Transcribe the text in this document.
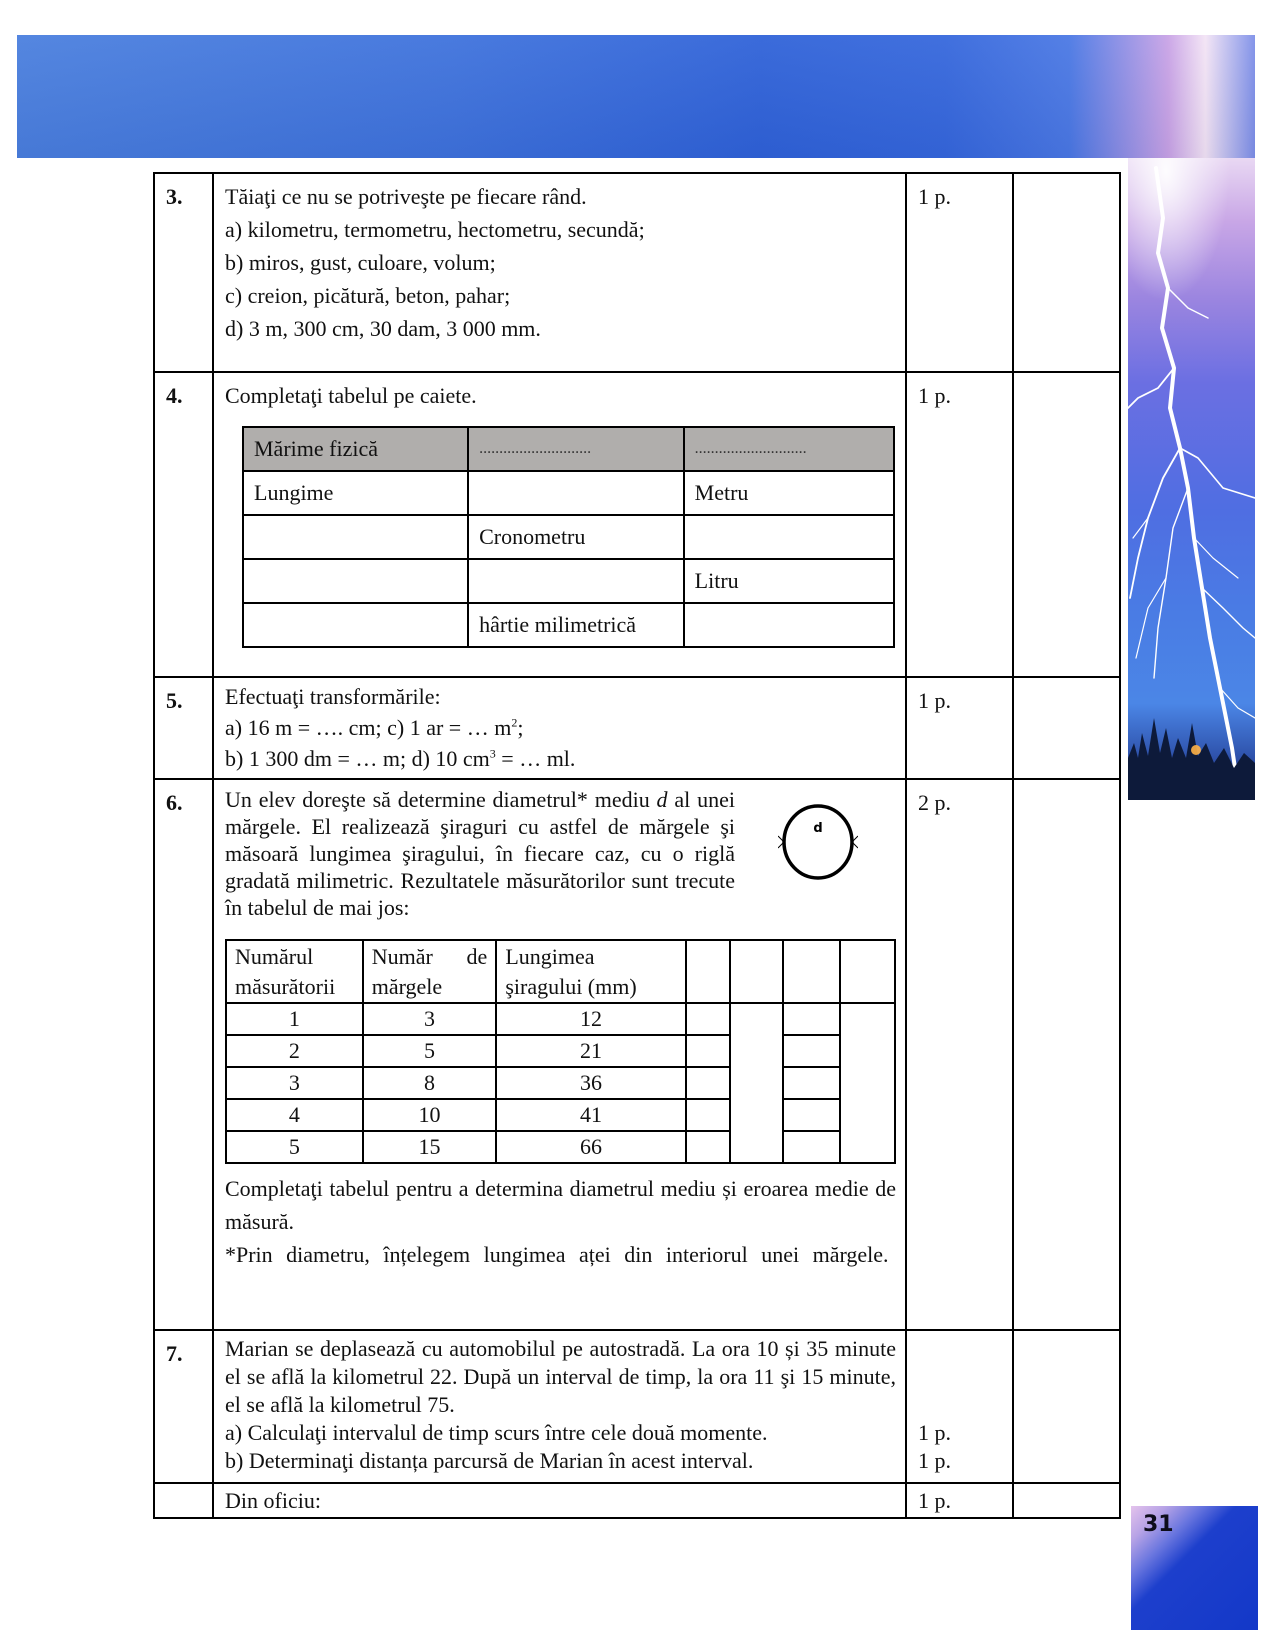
3.	Tăiaţi ce nu se potriveşte pe fiecare rând.
a) kilometru, termometru, hectometru, secundă;
b) miros, gust, culoare, volum;
c) creion, picătură, beton, pahar;
d) 3 m, 300 cm, 30 dam, 3 000 mm.
	1 p.	
4.	Completaţi tabelul pe caiete.
Mărime fizică	............................	............................
Lungime		Metru
	Cronometru	
		Litru
	hârtie milimetrică	
	1 p.	
5.	Efectuaţi transformările:
a) 16 m = …. cm; c) 1 ar = … $m^2$;
b) 1 300 dm = … m; d) 10 $cm^3$ = … ml.
	1 p.	
6.	Un elev doreşte să determine diametrul* mediu d al unei mărgele. El realizează şiraguri cu astfel de mărgele şi măsoară lungimea şiragului, în fiecare caz, cu o riglă gradată milimetric. Rezultatele măsurătorilor sunt trecute în tabelul de mai jos:
d
Numărul măsurătorii	Număr de mărgele	Lungimea şiragului (mm)				
1	3	12				
2	5	21		
3	8	36		
4	10	41		
5	15	66		
Completaţi tabelul pentru a determina diametrul mediu și eroarea medie de măsură.
*Prin diametru, înțelegem lungimea aței din interiorul unei mărgele.
	2 p.	
7.	Marian se deplasează cu automobilul pe autostradă. La ora 10 și 35 minute el se află la kilometrul 22. După un interval de timp, la ora 11 şi 15 minute, el se află la kilometrul 75.
a) Calculaţi intervalul de timp scurs între cele două momente.
b) Determinaţi distanța parcursă de Marian în acest interval.

1 p.
1 p.

	Din oficiu:	1 p.	
31
